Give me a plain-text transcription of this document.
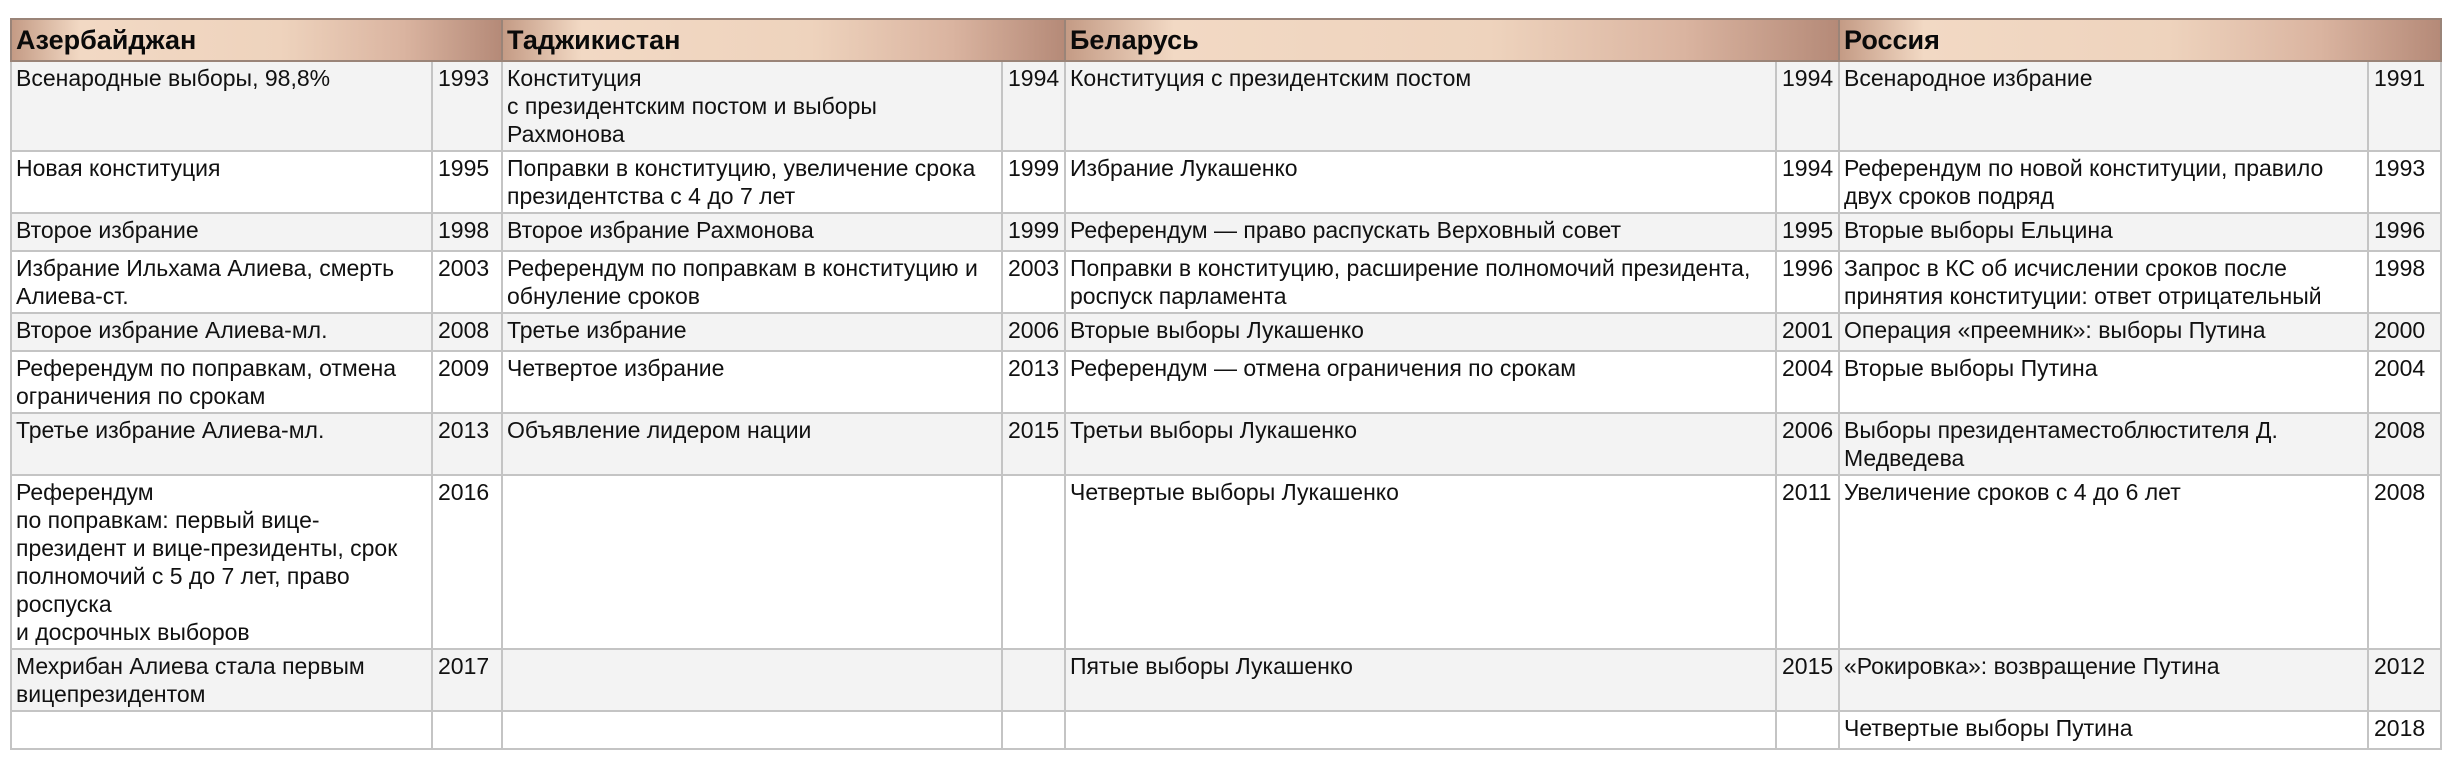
Азербайджан		Таджикистан		Беларусь		Россия	

Всенародные выборы, 98,8%	1993	Конституция
с президентским постом и выборы Рахмонова	1994	Конституция с президентским постом	1994	Всенародное избрание	1991

Новая конституция	1995	Поправки в конституцию, увеличение срока президентства с 4 до 7 лет	1999	Избрание Лукашенко	1994	Референдум по новой конституции, правило двух сроков подряд	1993

Второе избрание	1998	Второе избрание Рахмонова	1999	Референдум — право распускать Верховный совет	1995	Вторые выборы Ельцина	1996

Избрание Ильхама Алиева, смерть Алиева-ст.	2003	Референдум по поправкам в конституцию и обнуление сроков	2003	Поправки в конституцию, расширение полномочий президента, роспуск парламента	1996	Запрос в КС об исчислении сроков после принятия конституции: ответ отрицательный	1998

Второе избрание Алиева-мл.	2008	Третье избрание	2006	Вторые выборы Лукашенко	2001	Операция «преемник»: выборы Путина	2000

Референдум по поправкам, отмена ограничения по срокам	2009	Четвертое избрание	2013	Референдум — отмена ограничения по срокам	2004	Вторые выборы Путина	2004

Третье избрание Алиева-мл.	2013	Объявление лидером нации	2015	Третьи выборы Лукашенко	2006	Выборы президентаместоблюстителя Д. Медведева	2008

Референдум
по поправкам: первый вице-президент и вице-президенты, срок полномочий с 5 до 7 лет, право роспуска
и досрочных выборов	2016			Четвертые выборы Лукашенко	2011	Увеличение сроков с 4 до 6 лет	2008

Мехрибан Алиева стала первым вицепрезидентом	2017			Пятые выборы Лукашенко	2015	«Рокировка»: возвращение Путина	2012

						Четвертые выборы Путина	2018
